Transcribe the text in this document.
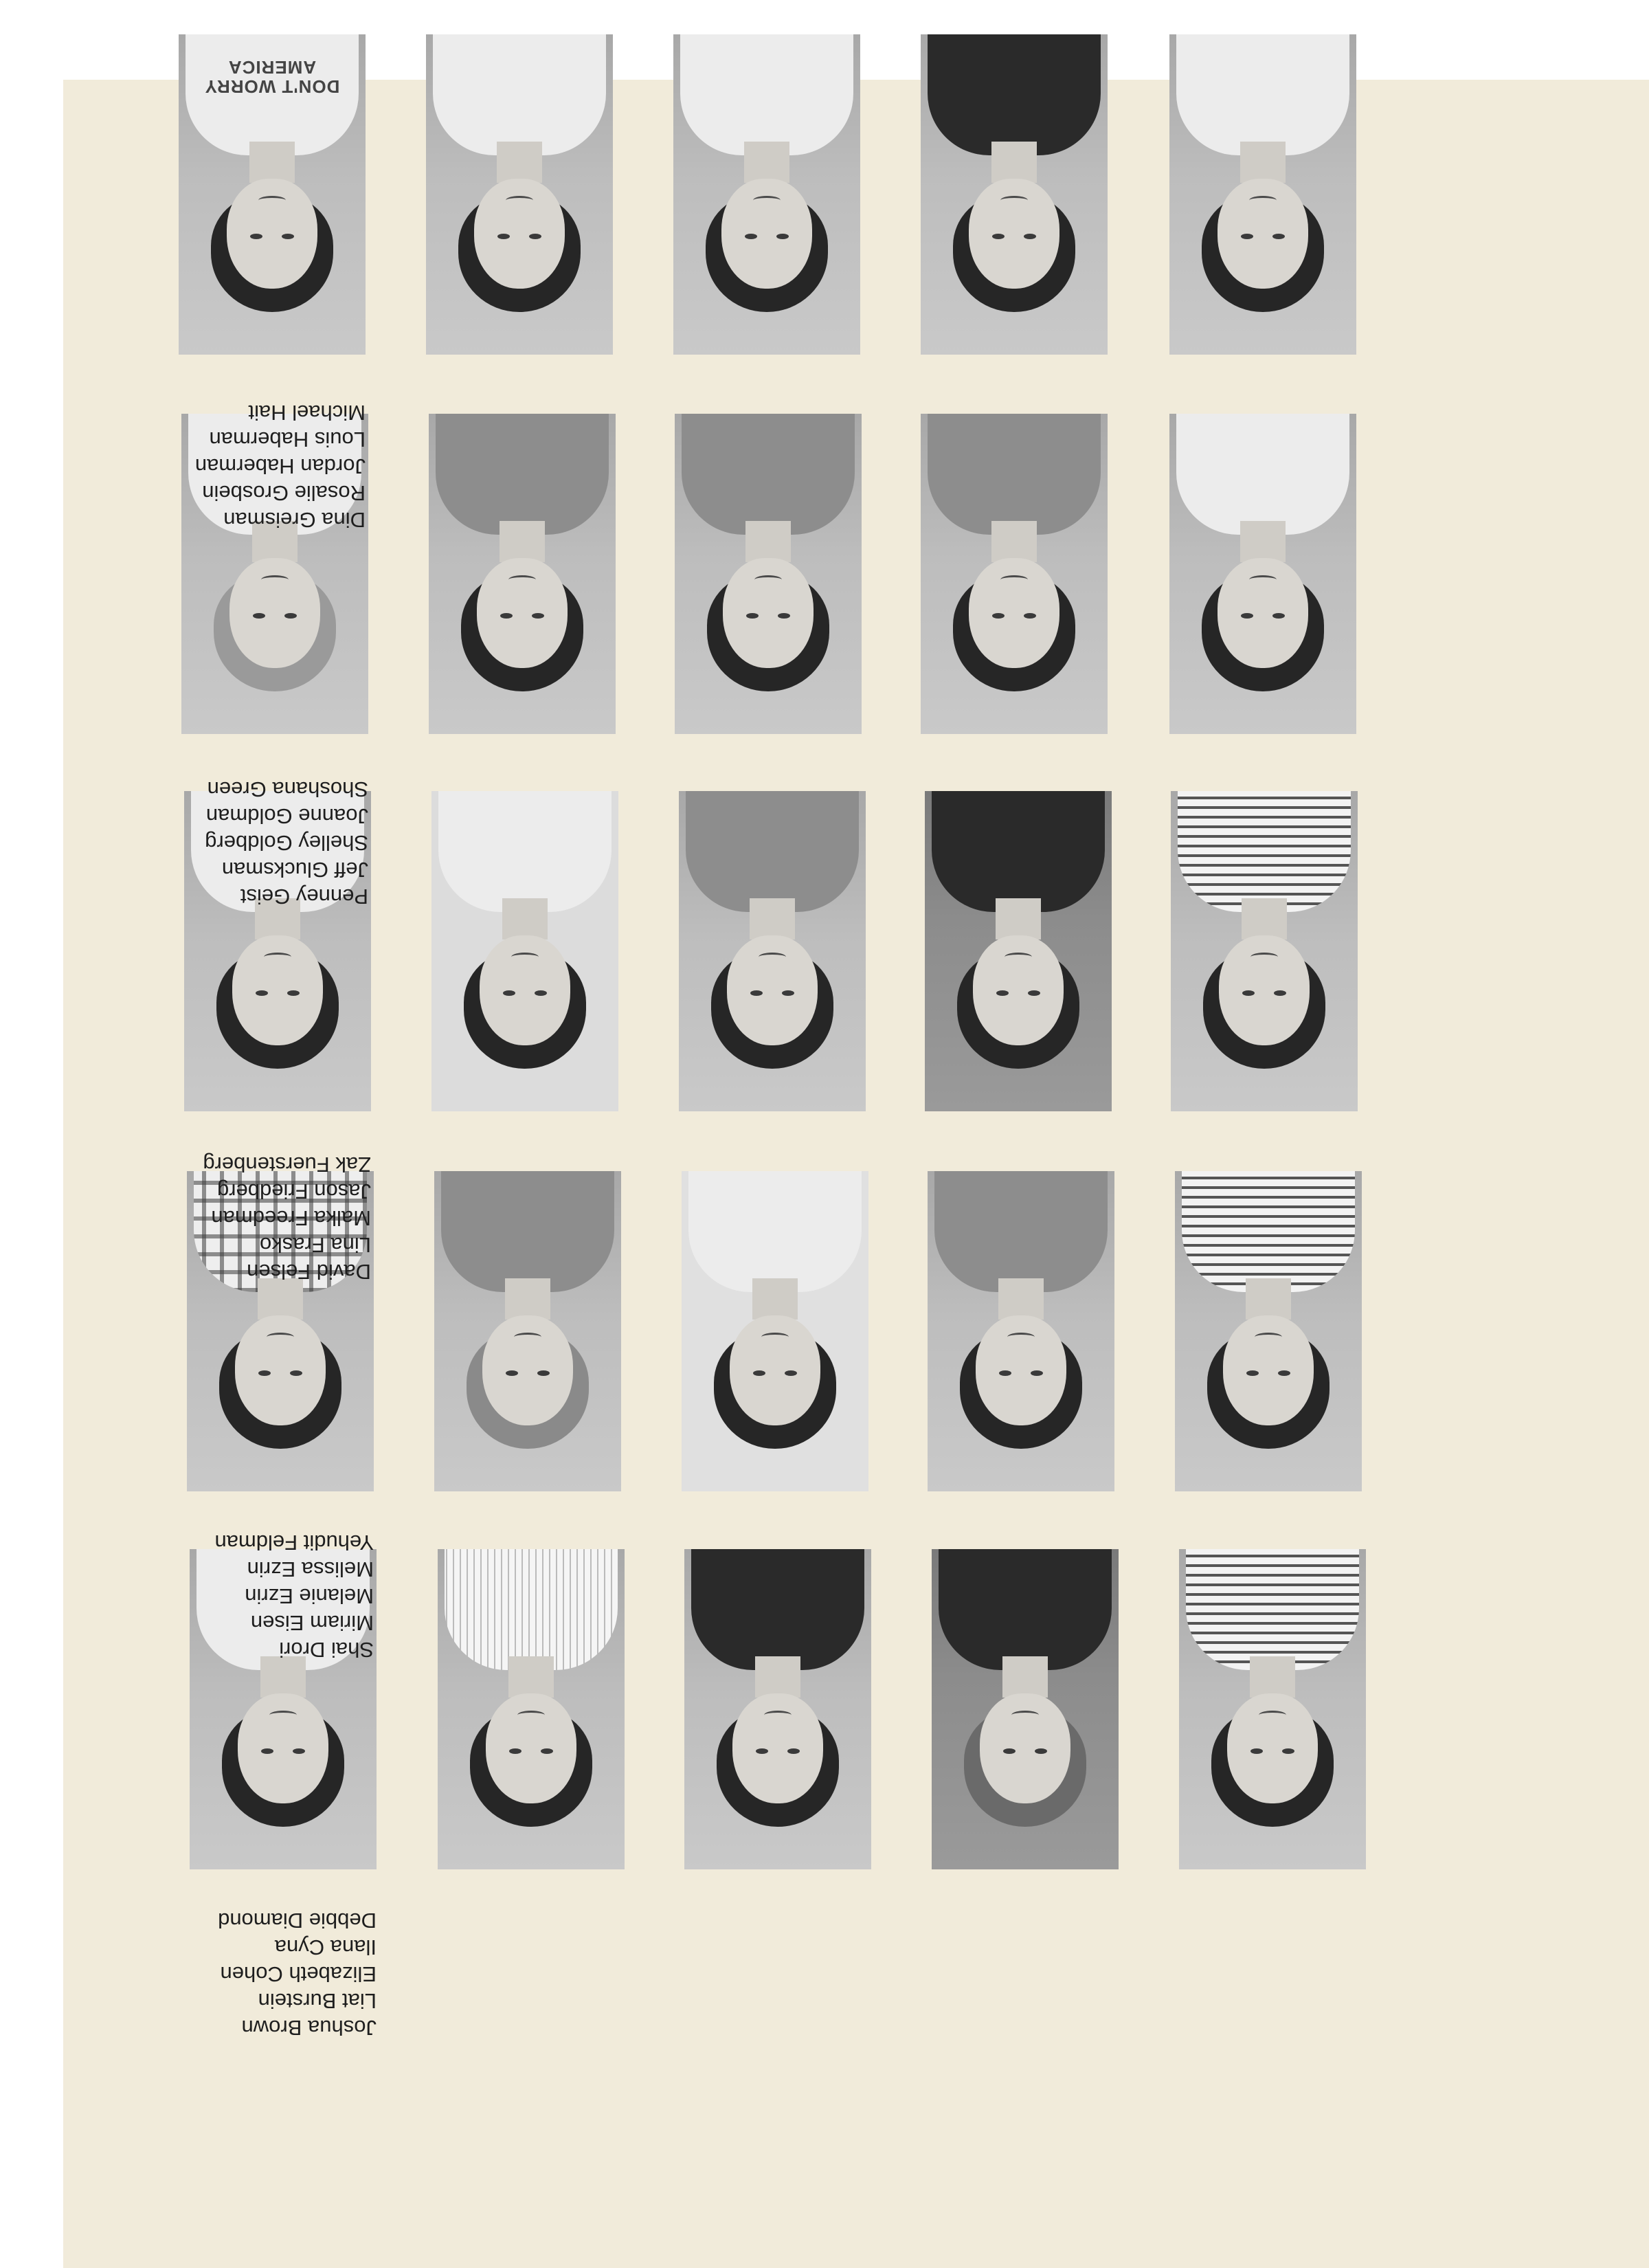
Joshua Brown
Liat Burstein
Elizabeth Cohen
Ilana Cyna
Debbie Diamond
Shai Drori
Miriam Eisen
Melanie Ezrin
Melissa Ezrin
Yehudit Feldman
David Felsen
Lina Frasko
Malka Freedman
Jason Friedberg
Zak Fuerstenberg
Penney Geist
Jeff Glucksman
Shelley Goldberg
Joanne Goldman
Shoshana Green
Dina Greisman
Rosalie Grosbein
Jordan Haberman
Louis Haberman
Michael Hait
DON'T WORRY
AMERICA
